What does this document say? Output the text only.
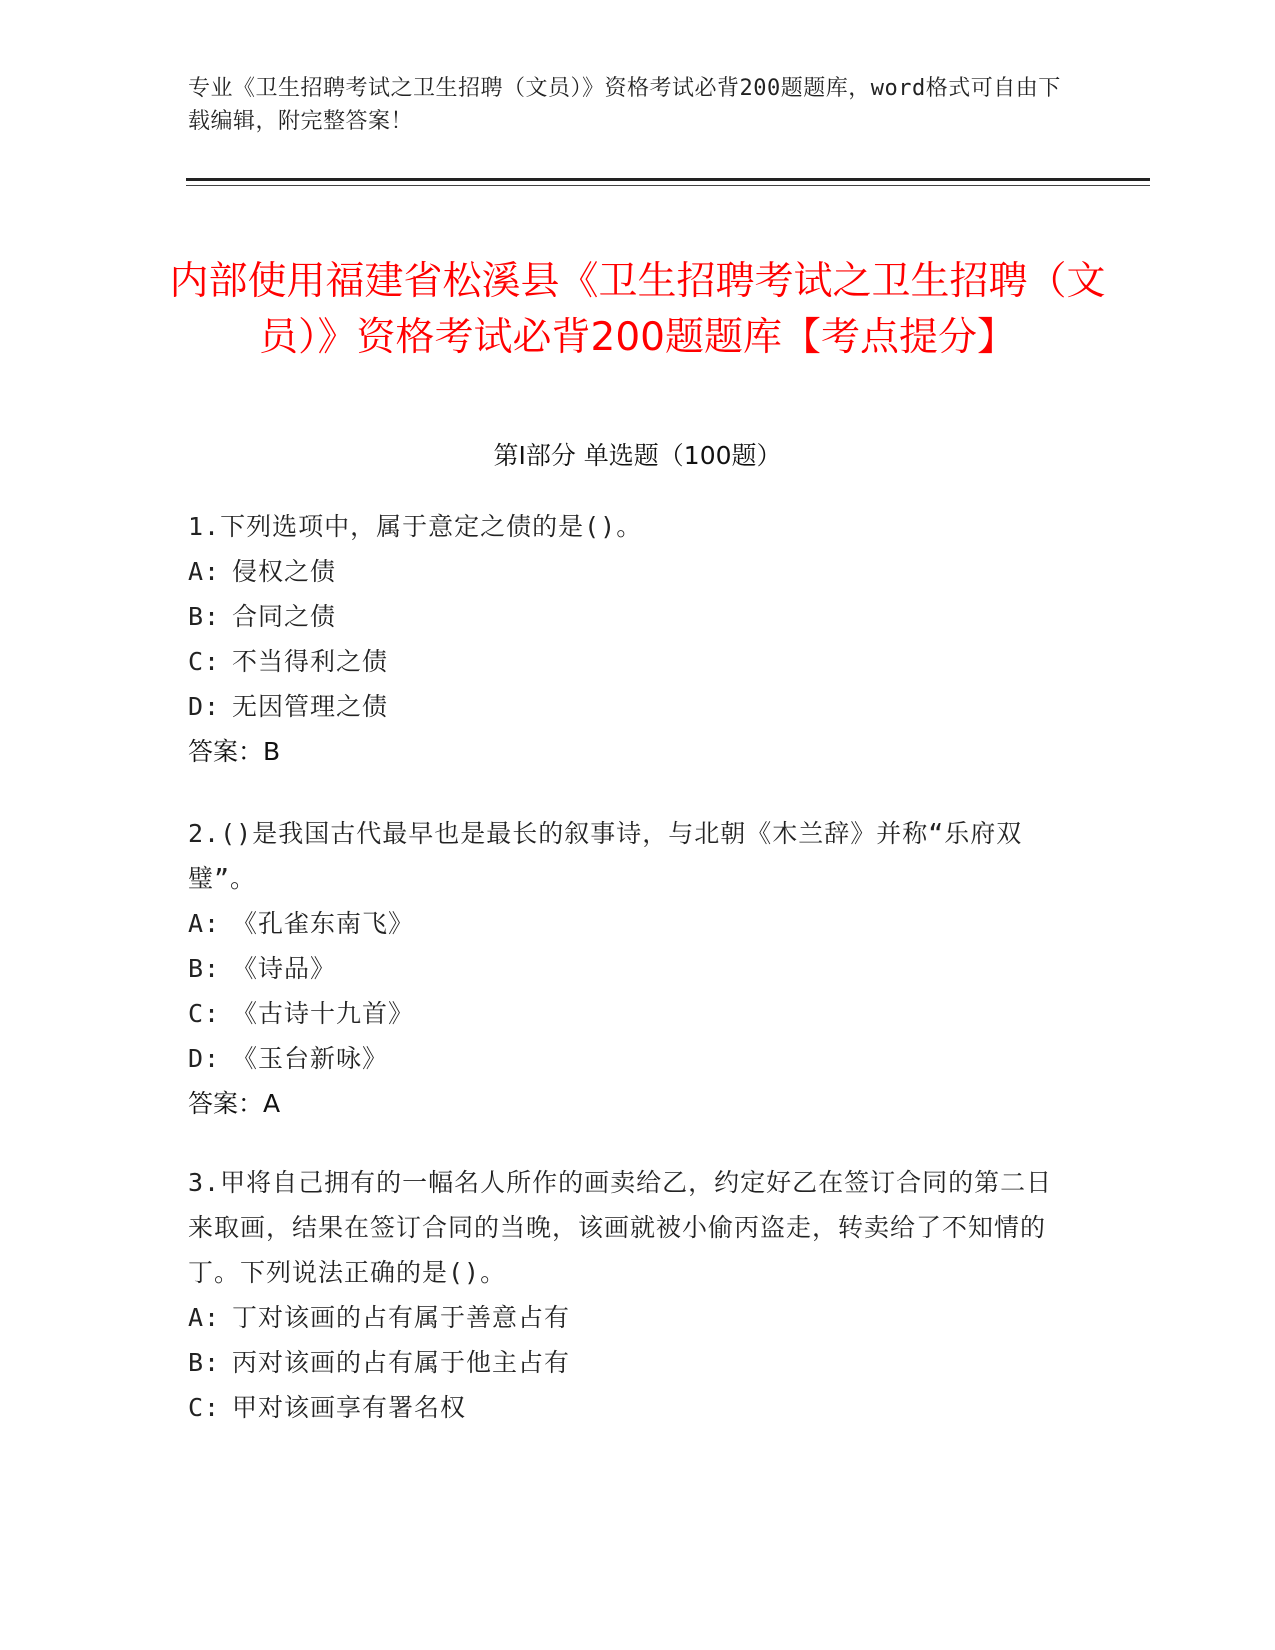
专业《卫生招聘考试之卫生招聘（文员）》资格考试必背200题题库，word格式可自由下载编辑，附完整答案！
内部使用福建省松溪县《卫生招聘考试之卫生招聘（文员）》资格考试必背200题题库【考点提分】
第I部分 单选题（100题）
1.下列选项中，属于意定之债的是()。
A: 侵权之债
B: 合同之债
C: 不当得利之债
D: 无因管理之债
答案：B
2.()是我国古代最早也是最长的叙事诗，与北朝《木兰辞》并称“乐府双璧”。
A: 《孔雀东南飞》
B: 《诗品》
C: 《古诗十九首》
D: 《玉台新咏》
答案：A
3.甲将自己拥有的一幅名人所作的画卖给乙，约定好乙在签订合同的第二日来取画，结果在签订合同的当晚，该画就被小偷丙盗走，转卖给了不知情的丁。下列说法正确的是()。
A: 丁对该画的占有属于善意占有
B: 丙对该画的占有属于他主占有
C: 甲对该画享有署名权
